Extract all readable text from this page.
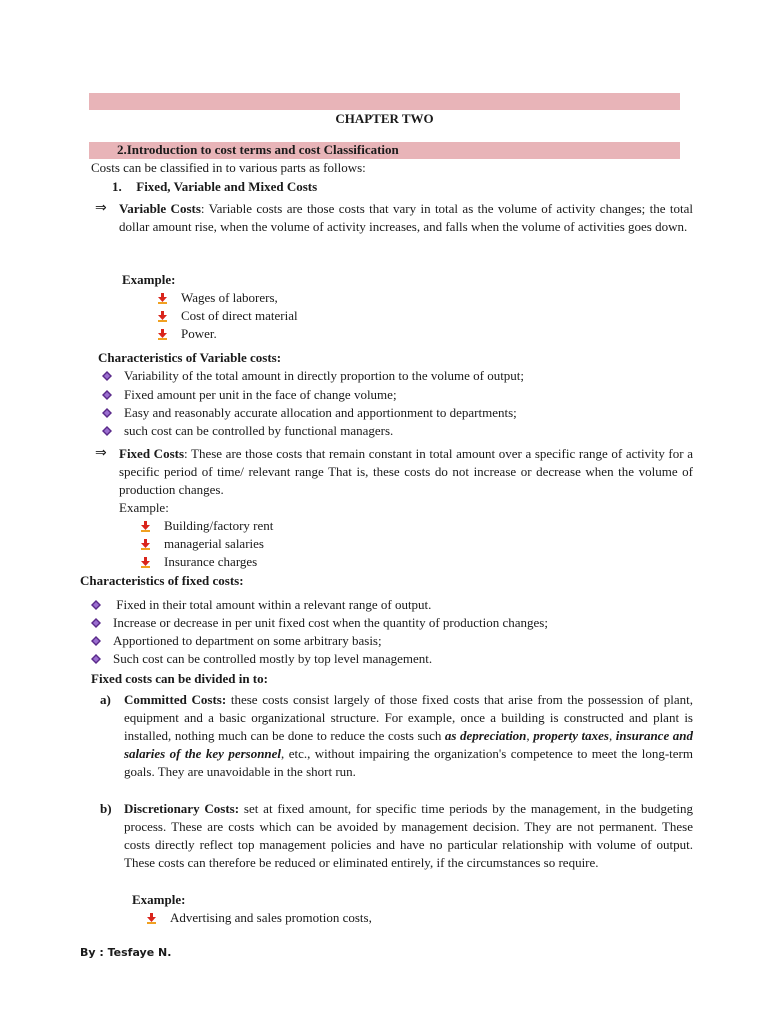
CHAPTER TWO
2.Introduction to cost terms and cost Classification
Costs can be classified in to various parts as follows:
1. Fixed, Variable and Mixed Costs
⇒ Variable Costs: Variable costs are those costs that vary in total as the volume of activity changes; the total dollar amount rise, when the volume of activity increases, and falls when the volume of activities goes down.
Example:
Wages of laborers,
Cost of direct material
Power.
Characteristics of Variable costs:
Variability of the total amount in directly proportion to the volume of output;
Fixed amount per unit in the face of change volume;
Easy and reasonably accurate allocation and apportionment to departments;
such cost can be controlled by functional managers.
⇒ Fixed Costs: These are those costs that remain constant in total amount over a specific range of activity for a specific period of time/ relevant range That is, these costs do not increase or decrease when the volume of production changes.
Example:
Building/factory rent
managerial salaries
Insurance charges
Characteristics of fixed costs:
Fixed in their total amount within a relevant range of output.
Increase or decrease in per unit fixed cost when the quantity of production changes;
Apportioned to department on some arbitrary basis;
Such cost can be controlled mostly by top level management.
Fixed costs can be divided in to:
a) Committed Costs: these costs consist largely of those fixed costs that arise from the possession of plant, equipment and a basic organizational structure. For example, once a building is constructed and plant is installed, nothing much can be done to reduce the costs such as depreciation, property taxes, insurance and salaries of the key personnel, etc., without impairing the organization's competence to meet the long-term goals. They are unavoidable in the short run.
b) Discretionary Costs: set at fixed amount, for specific time periods by the management, in the budgeting process. These are costs which can be avoided by management decision. They are not permanent. These costs directly reflect top management policies and have no particular relationship with volume of output. These costs can therefore be reduced or eliminated entirely, if the circumstances so require.
Example:
Advertising and sales promotion costs,
By : Tesfaye N.
